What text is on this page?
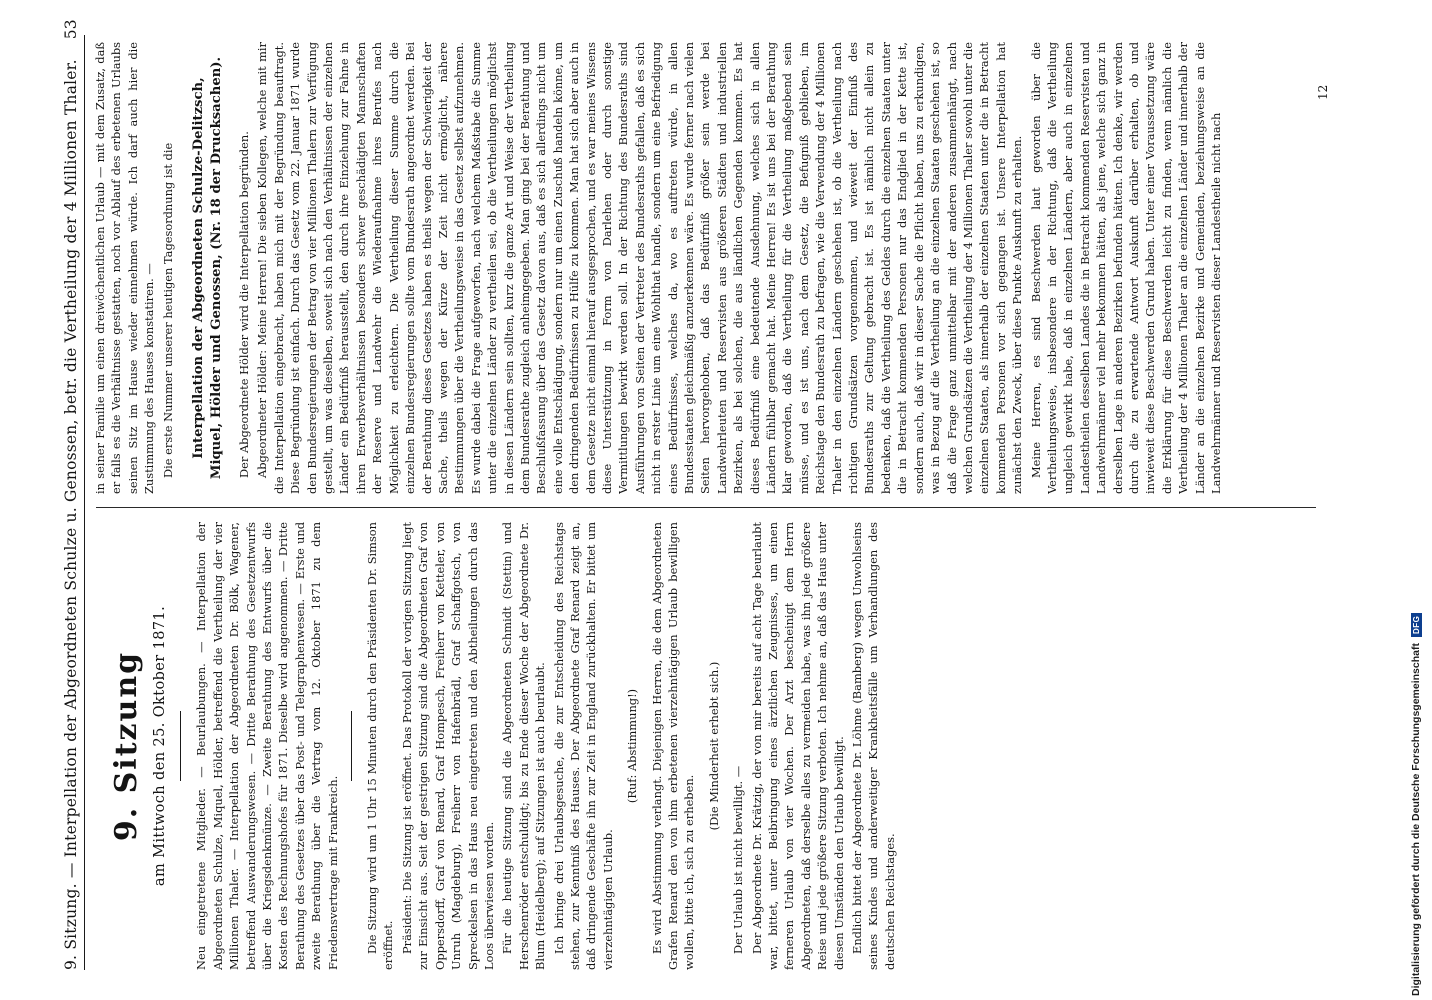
9. Sitzung. — Interpellation der Abgeordneten Schulze u. Genossen, betr. die Vertheilung der 4 Millionen Thaler.
53
9. Sitzung am Mittwoch den 25. Oktober 1871. Neu eingetretene Mitglieder. — Beurlaubungen. — Interpellation der Abgeordneten Schulze, Miquel, Hölder, betreffend die Vertheilung der vier Millionen Thaler. — Interpellation der Abgeordneten Dr. Bölk, Wagener, betreffend Auswanderungswesen. — Dritte Berathung des Gesetzentwurfs über die Kriegsdenkmünze. — Zweite Berathung des Entwurfs über die Kosten des Rechnungshofes für 1871. Dieselbe wird angenommen. — Dritte Berathung des Gesetzes über das Post- und Telegraphenwesen. — Erste und zweite Berathung über die Vertrag vom 12. Oktober 1871 zu dem Friedensvertrage mit Frankreich. Die Sitzung wird um 1 Uhr 15 Minuten durch den Präsidenten Dr. Simson eröffnet. Präsident: Die Sitzung ist eröffnet. Das Protokoll der vorigen Sitzung liegt zur Einsicht aus. Seit der gestrigen Sitzung sind die Abgeordneten Graf von Oppersdorff, Graf von Renard, Graf Hompesch, Freiherr von Ketteler, von Unruh (Magdeburg), Freiherr von Hafenbrädl, Graf Schaffgotsch, von Spreckelsen in das Haus neu eingetreten und den Abtheilungen durch das Loos überwiesen worden. Für die heutige Sitzung sind die Abgeordneten Schmidt (Stettin) und Herschenröder entschuldigt; bis zu Ende dieser Woche der Abgeordnete Dr. Blum (Heidelberg); auf Sitzungen ist auch beurlaubt. Ich bringe drei Urlaubsgesuche, die zur Entscheidung des Reichstags stehen, zur Kenntniß des Hauses. Der Abgeordnete Graf Renard zeigt an, daß dringende Geschäfte ihn zur Zeit in England zurückhalten. Er bittet um vierzehntägigen Urlaub.

(Ruf: Abstimmung!) Es wird Abstimmung verlangt. Diejenigen Herren, die dem Abgeordneten Grafen Renard den von ihm erbetenen vierzehntägigen Urlaub bewilligen wollen, bitte ich, sich zu erheben.

(Die Minderheit erhebt sich.)

Der Urlaub ist nicht bewilligt. — Der Abgeordnete Dr. Krätzig, der von mir bereits auf acht Tage beurlaubt war, bittet, unter Beibringung eines ärztlichen Zeugnisses, um einen ferneren Urlaub von vier Wochen. Der Arzt bescheinigt dem Herrn Abgeordneten, daß derselbe alles zu vermeiden habe, was ihn jede größere Reise und jede größere Sitzung verboten. Ich nehme an, daß das Haus unter diesen Umständen den Urlaub bewilligt. Endlich bittet der Abgeordnete Dr. Löhme (Bamberg) wegen Unwohlseins seines Kindes und anderweitiger Krankheitsfälle um Verhandlungen des deutschen Reichstages.

in seiner Familie um einen dreiwöchentlichen Urlaub — mit dem Zusatz, daß er falls es die Verhältnisse gestatten, noch vor Ablauf des erbetenen Urlaubs seinen Sitz im Hause wieder einnehmen würde. Ich darf auch hier die Zustimmung des Hauses konstatiren. — Die erste Nummer unserer heutigen Tagesordnung ist die Interpellation der Abgeordneten Schulze-Delitzsch, Miquel, Hölder und Genossen, (Nr. 18 der Drucksachen). Der Abgeordnete Hölder wird die Interpellation begründen. Abgeordneter Hölder: Meine Herren! Die sieben Kollegen, welche mit mir die Interpellation eingebracht, haben mich mit der Begründung beauftragt. Diese Begründung ist einfach. Durch das Gesetz vom 22. Januar 1871 wurde den Bundesregierungen der Betrag von vier Millionen Thalern zur Verfügung gestellt, um was dieselben, soweit sich nach den Verhältnissen der einzelnen Länder ein Bedürfniß herausstellt, den durch ihre Einziehung zur Fahne in ihren Erwerbsverhältnissen besonders schwer geschädigten Mannschaften der Reserve und Landwehr die Wiederaufnahme ihres Berufes nach Möglichkeit zu erleichtern. Die Vertheilung dieser Summe durch die einzelnen Bundesregierungen sollte vom Bundesrath angeordnet werden. Bei der Berathung dieses Gesetzes haben es theils wegen der Schwierigkeit der Sache, theils wegen der Kürze der Zeit nicht ermöglicht, nähere Bestimmungen über die Vertheilungsweise in das Gesetz selbst aufzunehmen. Es wurde dabei die Frage aufgeworfen, nach welchem Maßstabe die Summe unter die einzelnen Länder zu vertheilen sei, ob die Vertheilungen möglichst in diesen Ländern sein sollten, kurz die ganze Art und Weise der Vertheilung dem Bundesrathe zugleich anheimgegeben. Man ging bei der Berathung und Beschlußfassung über das Gesetz davon aus, daß es sich allerdings nicht um eine volle Entschädigung, sondern nur um einen Zuschuß handeln könne, um den dringenden Bedürfnissen zu Hülfe zu kommen. Man hat sich aber auch in dem Gesetze nicht einmal hierauf ausgesprochen, und es war meines Wissens diese Unterstützung in Form von Darlehen oder durch sonstige Vermittlungen bewirkt werden soll. In der Richtung des Bundesraths sind Ausführungen von Seiten der Vertreter des Bundesraths gefallen, daß es sich nicht in erster Linie um eine Wohlthat handle, sondern um eine Befriedigung eines Bedürfnisses, welches da, wo es auftreten würde, in allen Bundesstaaten gleichmäßig anzuerkennen wäre. Es wurde ferner nach vielen Seiten hervorgehoben, daß das Bedürfniß größer sein werde bei Landwehrleuten und Reservisten aus größeren Städten und industriellen Bezirken, als bei solchen, die aus ländlichen Gegenden kommen. Es hat dieses Bedürfniß eine bedeutende Ausdehnung, welches sich in allen Ländern fühlbar gemacht hat. Meine Herren! Es ist uns bei der Berathung klar geworden, daß die Vertheilung für die Vertheilung maßgebend sein müsse, und es ist uns, nach dem Gesetz, die Befugniß geblieben, im Reichstage den Bundesrath zu befragen, wie die Verwendung der 4 Millionen Thaler in den einzelnen Ländern geschehen ist, ob die Vertheilung nach richtigen Grundsätzen vorgenommen, und wieweit der Einfluß des Bundesraths zur Geltung gebracht ist. Es ist nämlich nicht allein zu bedenken, daß die Vertheilung des Geldes durch die einzelnen Staaten unter die in Betracht kommenden Personen nur das Endglied in der Kette ist, sondern auch, daß wir in dieser Sache die Pflicht haben, uns zu erkundigen, was in Bezug auf die Vertheilung an die einzelnen Staaten geschehen ist, so daß die Frage ganz unmittelbar mit der anderen zusammenhängt, nach welchen Grundsätzen die Vertheilung der 4 Millionen Thaler sowohl unter die einzelnen Staaten, als innerhalb der einzelnen Staaten unter die in Betracht kommenden Personen vor sich gegangen ist. Unsere Interpellation hat zunächst den Zweck, über diese Punkte Auskunft zu erhalten. Meine Herren, es sind Beschwerden laut geworden über die Vertheilungsweise, insbesondere in der Richtung, daß die Vertheilung ungleich gewirkt habe, daß in einzelnen Ländern, aber auch in einzelnen Landestheilen desselben Landes die in Betracht kommenden Reservisten und Landwehrmänner viel mehr bekommen hätten, als jene, welche sich ganz in derselben Lage in anderen Bezirken befunden hätten. Ich denke, wir werden durch die zu erwartende Antwort Auskunft darüber erhalten, ob und inwieweit diese Beschwerden Grund haben. Unter einer Voraussetzung wäre die Erklärung für diese Beschwerden leicht zu finden, wenn nämlich die Vertheilung der 4 Millionen Thaler an die einzelnen Länder und innerhalb der Länder an die einzelnen Bezirke und Gemeinden, beziehungsweise an die Landwehrmänner und Reservisten dieser Landestheile nicht nach

12
Digitalisierung gefördert durch die Deutsche Forschungsgemeinschaft
DFG
